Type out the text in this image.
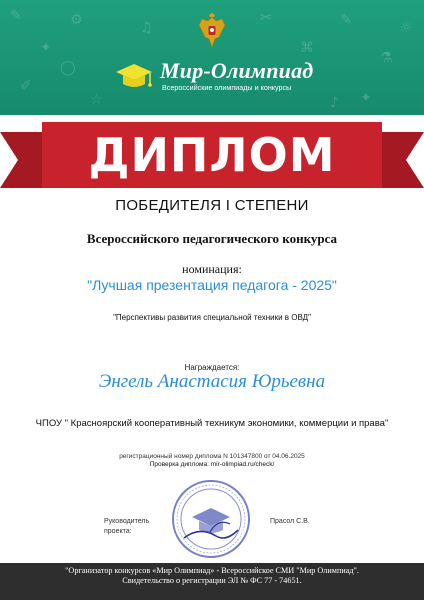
✎
✦
⚙
✐
☆
♫
✂
⌘
✎
⚗
✦
☼
♪
◯	Мир-Олимпиад
Всероссийские олимпиады и конкурсы
ДИПЛОМ
ПОБЕДИТЕЛЯ I СТЕПЕНИ
Всероссийского педагогического конкурса
номинация:
"Лучшая презентация педагога - 2025"
"Перспективы развития специальной техники в ОВД"
Награждается:
Энгель Анастасия Юрьевна
ЧПОУ " Красноярский кооперативный техникум экономики, коммерции и права"
регистрационный номер диплома N 101347800 от 04.06.2025
Проверка диплома: mir-olimpiad.ru/check/
Руководитель
проекта:
Прасол С.В.
"Организатор конкурсов «Мир Олимпиад» - Всероссийское СМИ "Мир Олимпиад".
Свидетельство о регистрации ЭЛ № ФС 77 - 74651.
